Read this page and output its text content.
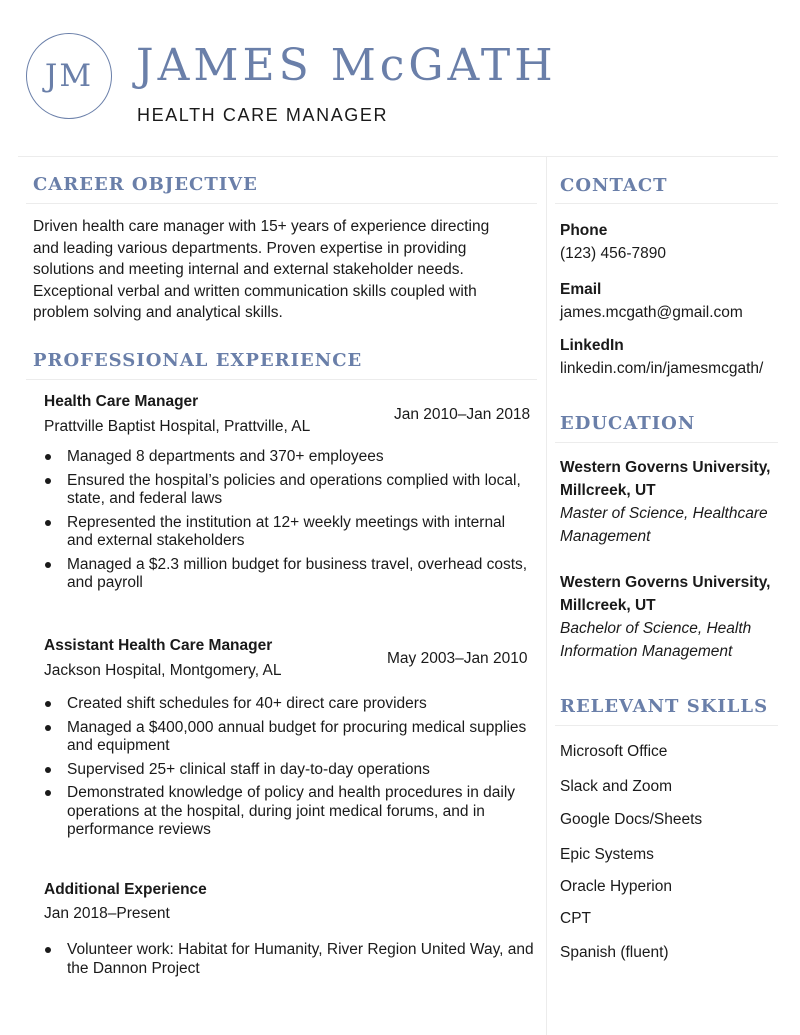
JM JAMES McGATH
HEALTH CARE MANAGER
CAREER OBJECTIVE
Driven health care manager with 15+ years of experience directing
and leading various departments. Proven expertise in providing
solutions and meeting internal and external stakeholder needs.
Exceptional verbal and written communication skills coupled with
problem solving and analytical skills.
PROFESSIONAL EXPERIENCE
Health Care Manager
Prattville Baptist Hospital, Prattville, AL
Jan 2010–Jan 2018
Managed 8 departments and 370+ employees
Ensured the hospital’s policies and operations complied with local, state, and federal laws
Represented the institution at 12+ weekly meetings with internal and external stakeholders
Managed a $2.3 million budget for business travel, overhead costs, and payroll
Assistant Health Care Manager
Jackson Hospital, Montgomery, AL
May 2003–Jan 2010
Created shift schedules for 40+ direct care providers
Managed a $400,000 annual budget for procuring medical supplies and equipment
Supervised 25+ clinical staff in day-to-day operations
Demonstrated knowledge of policy and health procedures in daily operations at the hospital, during joint medical forums, and in performance reviews
Additional Experience
Jan 2018–Present
Volunteer work: Habitat for Humanity, River Region United Way, and the Dannon Project
CONTACT
Phone
(123) 456-7890
Email
james.mcgath@gmail.com
LinkedIn
linkedin.com/in/jamesmcgath/
EDUCATION
Western Governs University,
Millcreek, UT
Master of Science, Healthcare
Management
Western Governs University,
Millcreek, UT
Bachelor of Science, Health
Information Management
RELEVANT SKILLS
Microsoft Office
Slack and Zoom
Google Docs/Sheets
Epic Systems
Oracle Hyperion
CPT
Spanish (fluent)
